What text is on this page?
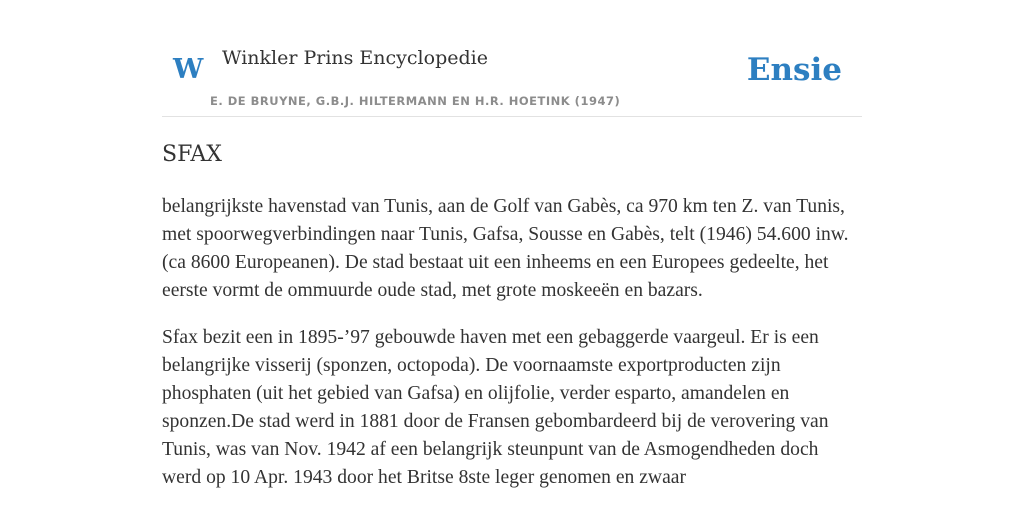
W Winkler Prins Encyclopedie
E. DE BRUYNE, G.B.J. HILTERMANN EN H.R. HOETINK (1947)
Ensie
SFAX

belangrijkste havenstad van Tunis, aan de Golf van Gabès, ca 970 km ten Z. van Tunis, met spoorwegverbindingen naar Tunis, Gafsa, Sousse en Gabès, telt (1946) 54.600 inw. (ca 8600 Europeanen). De stad bestaat uit een inheems en een Europees gedeelte, het eerste vormt de ommuurde oude stad, met grote moskeeën en bazars.

Sfax bezit een in 1895-’97 gebouwde haven met een gebaggerde vaargeul. Er is een belangrijke visserij (sponzen, octopoda). De voornaamste exportproducten zijn phosphaten (uit het gebied van Gafsa) en olijfolie, verder esparto, amandelen en sponzen.De stad werd in 1881 door de Fransen gebombardeerd bij de verovering van Tunis, was van Nov. 1942 af een belangrijk steunpunt van de Asmogendheden doch werd op 10 Apr. 1943 door het Britse 8ste leger genomen en zwaar
